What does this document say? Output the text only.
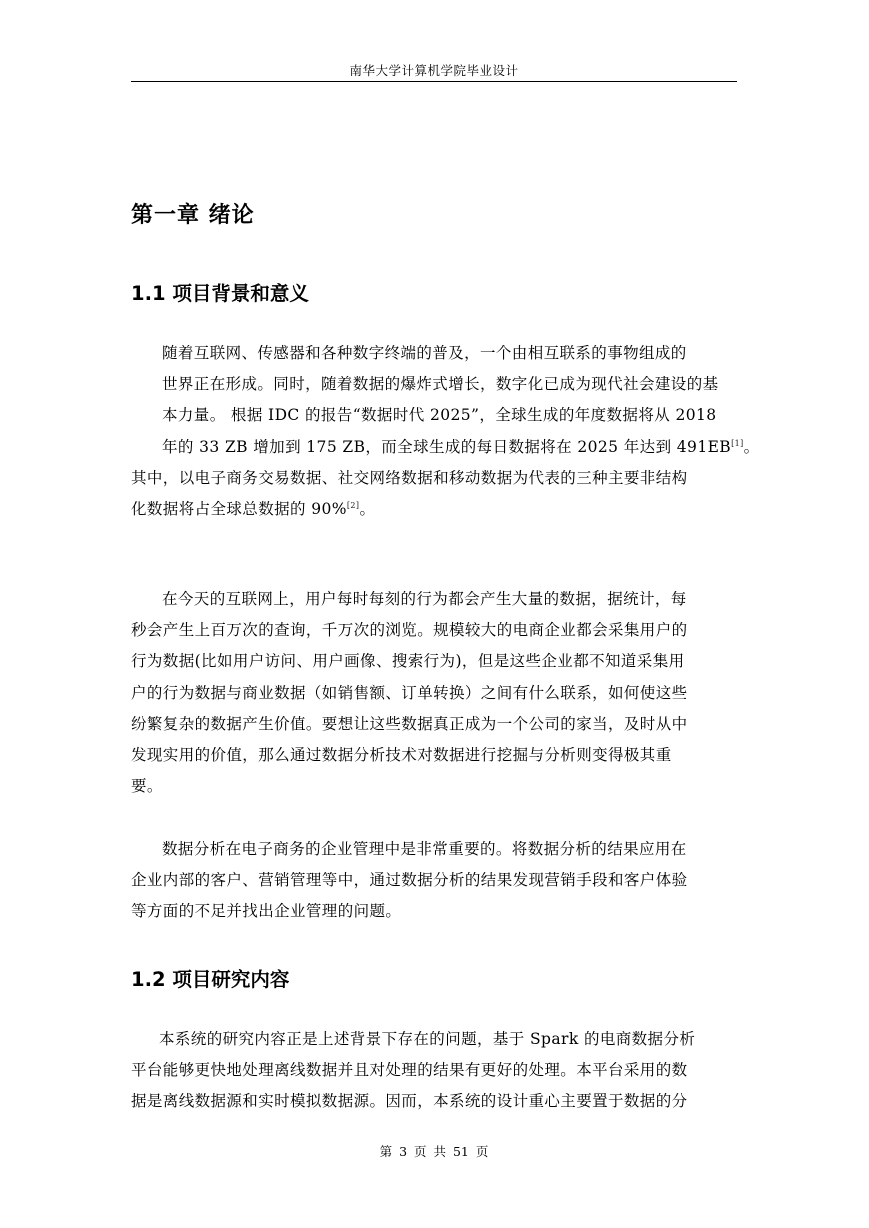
南华大学计算机学院毕业设计
第一章 绪论
1.1 项目背景和意义
随着互联网、传感器和各种数字终端的普及，一个由相互联系的事物组成的
世界正在形成。同时，随着数据的爆炸式增长，数字化已成为现代社会建设的基
本力量。 根据 IDC 的报告“数据时代 2025”，全球生成的年度数据将从 2018
年的 33 ZB 增加到 175 ZB，而全球生成的每日数据将在 2025 年达到 491EB[1]。
其中，以电子商务交易数据、社交网络数据和移动数据为代表的三种主要非结构
化数据将占全球总数据的 90%[2]。
在今天的互联网上，用户每时每刻的行为都会产生大量的数据，据统计，每
秒会产生上百万次的查询，千万次的浏览。规模较大的电商企业都会采集用户的
行为数据(比如用户访问、用户画像、搜索行为)，但是这些企业都不知道采集用
户的行为数据与商业数据（如销售额、订单转换）之间有什么联系，如何使这些
纷繁复杂的数据产生价值。要想让这些数据真正成为一个公司的家当，及时从中
发现实用的价值，那么通过数据分析技术对数据进行挖掘与分析则变得极其重
要。
数据分析在电子商务的企业管理中是非常重要的。将数据分析的结果应用在
企业内部的客户、营销管理等中，通过数据分析的结果发现营销手段和客户体验
等方面的不足并找出企业管理的问题。
1.2 项目研究内容
本系统的研究内容正是上述背景下存在的问题，基于 Spark 的电商数据分析
平台能够更快地处理离线数据并且对处理的结果有更好的处理。本平台采用的数
据是离线数据源和实时模拟数据源。因而，本系统的设计重心主要置于数据的分
第 3 页 共 51 页
